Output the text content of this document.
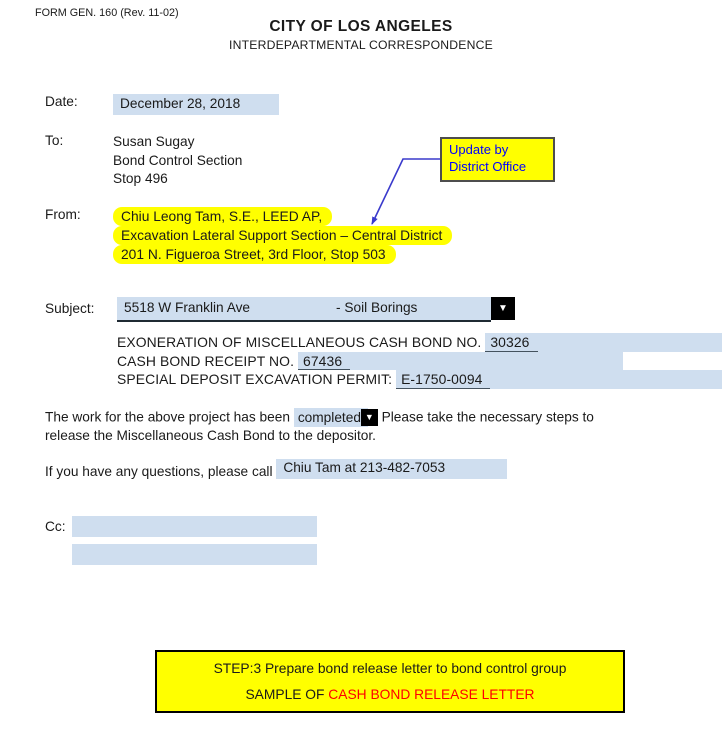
FORM GEN. 160 (Rev. 11-02)
CITY OF LOS ANGELES
INTERDEPARTMENTAL CORRESPONDENCE
Date:	December 28, 2018
To:	Susan Sugay
Bond Control Section
Stop 496
Update by
District Office
From:	Chiu Leong Tam, S.E., LEED AP,
Excavation Lateral Support Section – Central District
201 N. Figueroa Street, 3rd Floor, Stop 503
Subject: 5518 W Franklin Ave	- Soil Borings	▼
EXONERATION OF MISCELLANEOUS CASH BOND NO. 30326
CASH BOND RECEIPT NO. 67436
SPECIAL DEPOSIT EXCAVATION PERMIT: E-1750-0094
The work for the above project has been completed ▼ Please take the necessary steps to
release the Miscellaneous Cash Bond to the depositor.
If you have any questions, please call Chiu Tam at 213-482-7053
Cc:
STEP:3 Prepare bond release letter to bond control group
SAMPLE OF CASH BOND RELEASE LETTER
